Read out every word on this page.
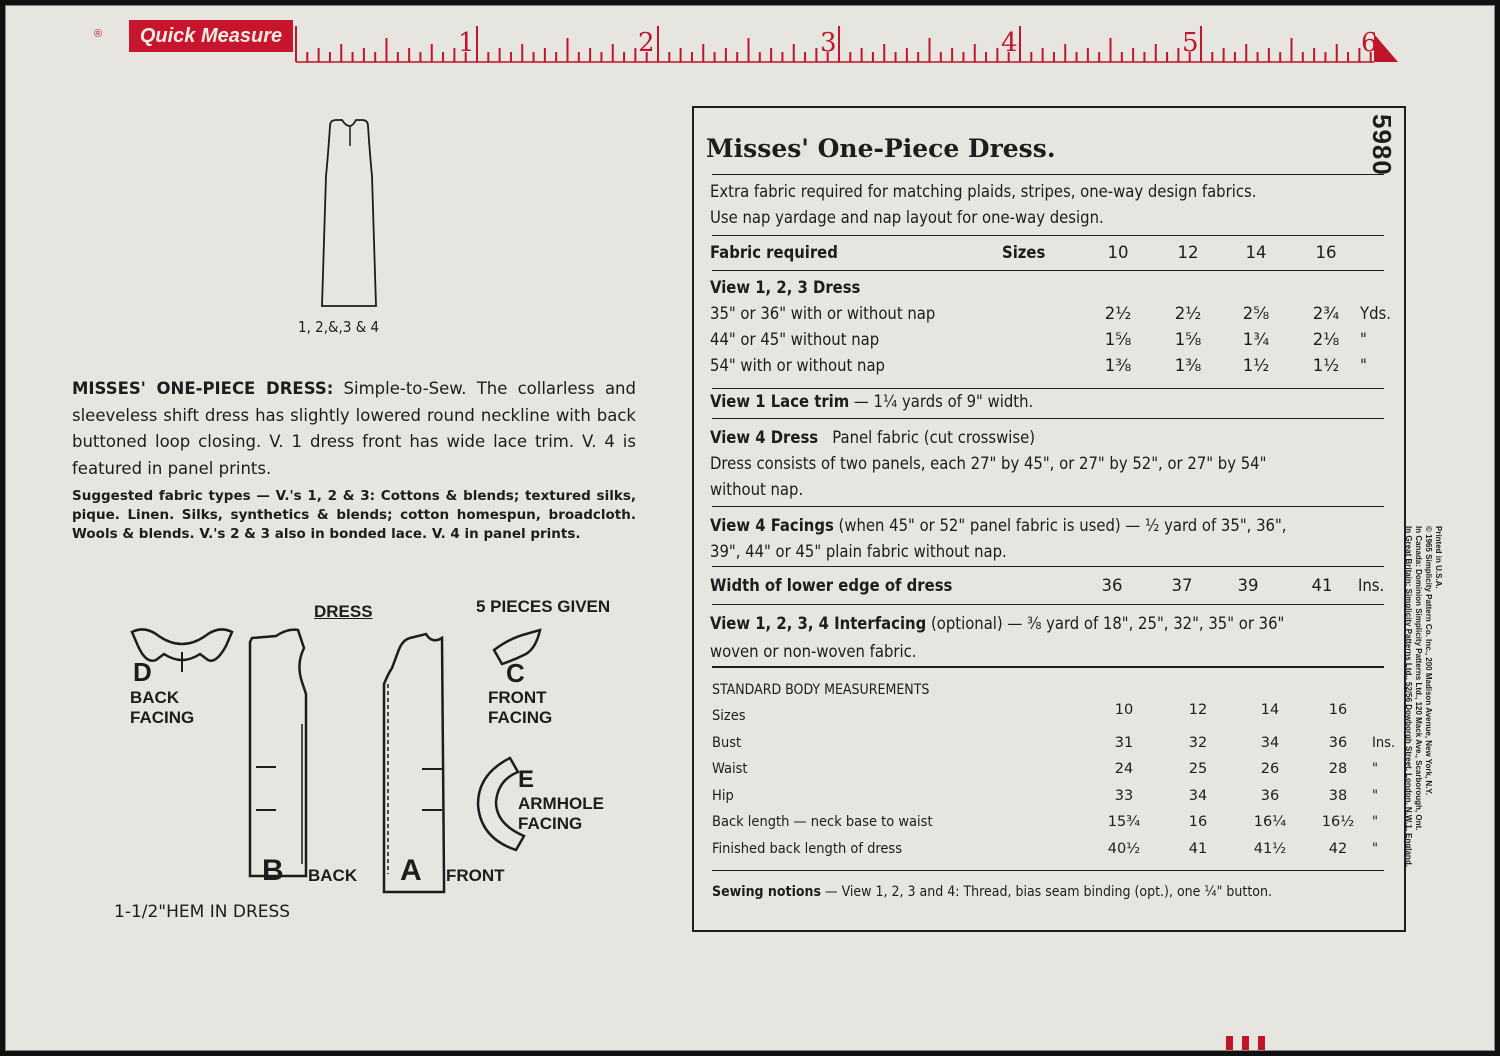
®	Quick Measure	1	2	3	4	5	6
5980
1, 2,&,3 & 4
MISSES' ONE-PIECE DRESS: Simple-to-Sew. The collarless and sleeveless shift dress has slightly lowered round neckline with back buttoned loop closing. V. 1 dress front has wide lace trim. V. 4 is featured in panel prints.
Suggested fabric types — V.'s 1, 2 & 3: Cottons & blends; textured silks, pique. Linen. Silks, synthetics & blends; cotton homespun, broadcloth. Wools & blends. V.'s 2 & 3 also in bonded lace. V. 4 in panel prints.
DRESS	5 PIECES GIVEN
D
BACK
FACING
B BACK A FRONT
C
FRONT
FACING
E
ARMHOLE
FACING
1-1/2"HEM IN DRESS
Misses' One-Piece Dress.
Extra fabric required for matching plaids, stripes, one-way design fabrics.
Use nap yardage and nap layout for one-way design.
Fabric required	Sizes	10	12	14	16
View 1, 2, 3 Dress
35" or 36" with or without nap	2½	2½	2⅝	2¾	Yds.
44" or 45" without nap	1⅝	1⅝	1¾	2⅛	"
54" with or without nap	1⅜	1⅜	1½	1½	"
View 1 Lace trim — 1¼ yards of 9" width.
View 4 Dress Panel fabric (cut crosswise)
Dress consists of two panels, each 27" by 45", or 27" by 52", or 27" by 54"
without nap.
View 4 Facings (when 45" or 52" panel fabric is used) — ½ yard of 35", 36",
39", 44" or 45" plain fabric without nap.
Width of lower edge of dress	36	37	39	41	Ins.
View 1, 2, 3, 4 Interfacing (optional) — ⅜ yard of 18", 25", 32", 35" or 36"
woven or non-woven fabric.
STANDARD BODY MEASUREMENTS
Sizes	10	12	14	16
Bust	31	32	34	36	Ins.
Waist	24	25	26	28	"
Hip	33	34	36	38	"
Back length — neck base to waist	15¾	16	16¼	16½	"
Finished back length of dress	40½	41	41½	42	"
Sewing notions — View 1, 2, 3 and 4: Thread, bias seam binding (opt.), one ¼" button.
Printed in U.S.A.
© 1965 Simplicity Pattern Co. Inc., 200 Madison Avenue, New York, N.Y.
In Canada: Dominion Simplicity Patterns Ltd., 120 Mack Ave., Scarborough, Ont.
In Great Britain: Simplicity Patterns Ltd., 52/56 Dowborgh Street, London, N.W.1, England.
